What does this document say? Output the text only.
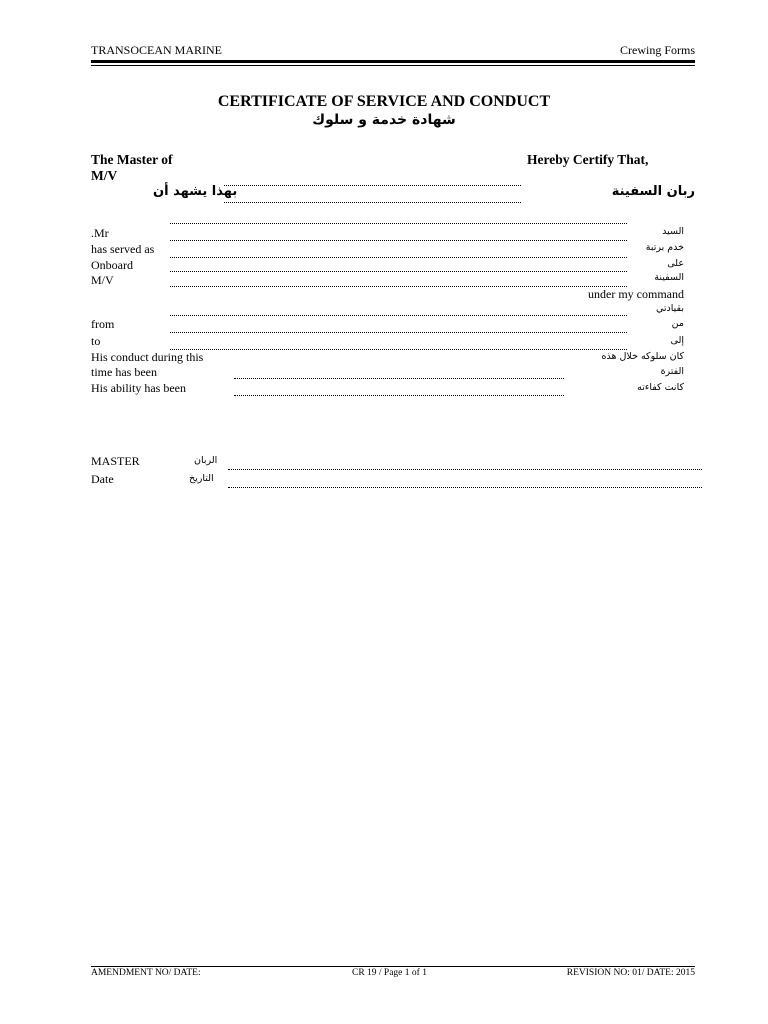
TRANSOCEAN MARINE	Crewing Forms
CERTIFICATE OF SERVICE AND CONDUCT
شهادة خدمة و سلوك
The Master of
M/V
Hereby Certify That,
بهذا يشهد أن	ربان السفينة
.Mr	السيد
has served as	خدم برتبة
Onboard	على
M/V	السفينة
under my command
بقيادتي
from	من
to	إلى
His conduct during this
time has been
كان سلوكه خلال هذه
الفترة
His ability has been	كانت كفاءته
MASTER	الربان
Date	التاريخ
AMENDMENT NO/ DATE:	CR 19 / Page 1 of 1	REVISION NO: 01/ DATE: 2015
